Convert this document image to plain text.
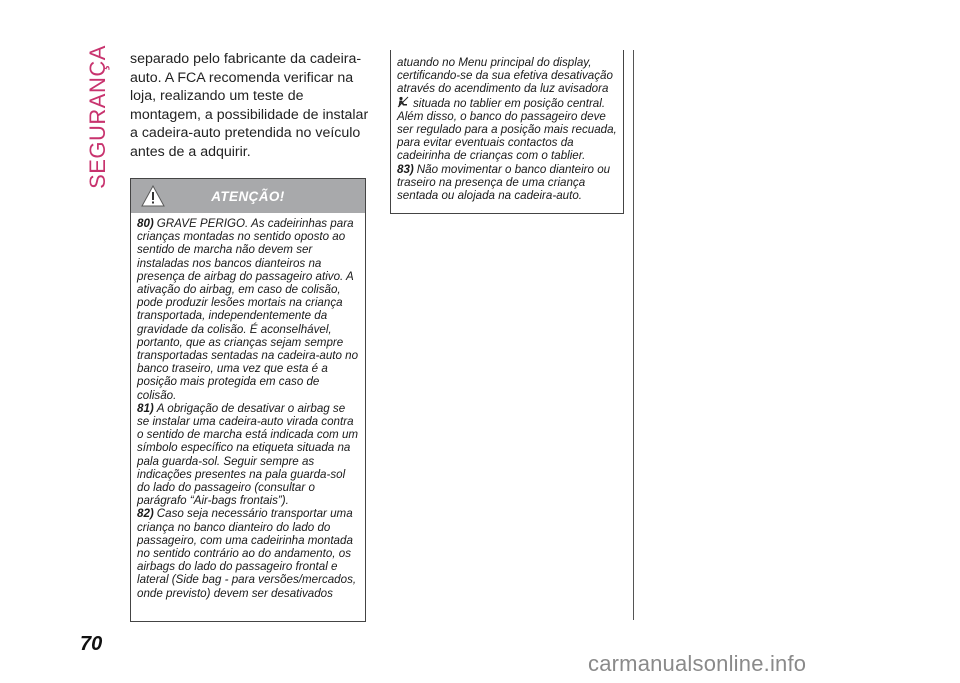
SEGURANÇA separado pelo fabricante da cadeira-auto. A FCA recomenda verificar na loja, realizando um teste de montagem, a possibilidade de instalar a cadeira-auto pretendida no veículo antes de a adquirir.

ATENÇÃO!

80) GRAVE PERIGO. As cadeirinhas para crianças montadas no sentido oposto ao sentido de marcha não devem ser instaladas nos bancos dianteiros na presença de airbag do passageiro ativo. A ativação do airbag, em caso de colisão, pode produzir lesões mortais na criança transportada, independentemente da gravidade da colisão. É aconselhável, portanto, que as crianças sejam sempre transportadas sentadas na cadeira-auto no banco traseiro, uma vez que esta é a posição mais protegida em caso de colisão.

81) A obrigação de desativar o airbag se se instalar uma cadeira-auto virada contra o sentido de marcha está indicada com um símbolo específico na etiqueta situada na pala guarda-sol. Seguir sempre as indicações presentes na pala guarda-sol do lado do passageiro (consultar o parágrafo “Air-bags frontais”).

82) Caso seja necessário transportar uma criança no banco dianteiro do lado do passageiro, com uma cadeirinha montada no sentido contrário ao do andamento, os airbags do lado do passageiro frontal e lateral (Side bag - para versões/mercados, onde previsto) devem ser desativados

atuando no Menu principal do display, certificando-se da sua efetiva desativação através do acendimento da luz avisadora situada no tablier em posição central. Além disso, o banco do passageiro deve ser regulado para a posição mais recuada, para evitar eventuais contactos da cadeirinha de crianças com o tablier.

83) Não movimentar o banco dianteiro ou traseiro na presença de uma criança sentada ou alojada na cadeira-auto.

70
carmanualsonline.info
